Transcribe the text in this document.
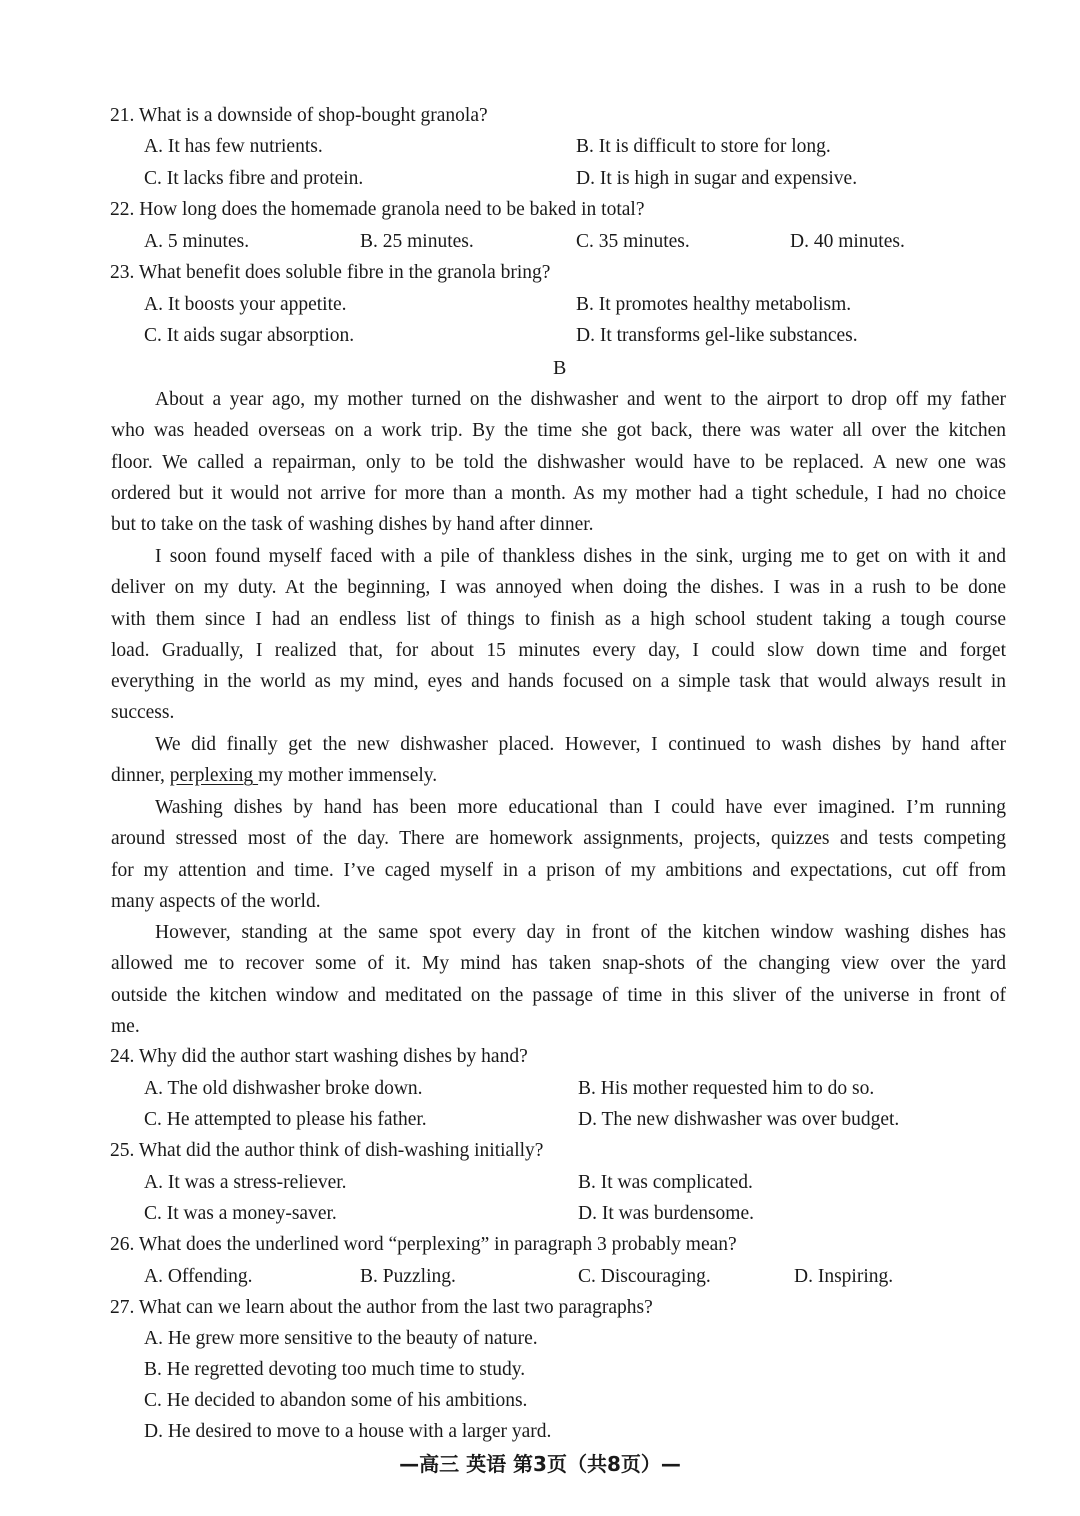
21. What is a downside of shop-bought granola?
A. It has few nutrients.	B. It is difficult to store for long.
C. It lacks fibre and protein.	D. It is high in sugar and expensive.
22. How long does the homemade granola need to be baked in total?
A. 5 minutes.	B. 25 minutes.	C. 35 minutes.	D. 40 minutes.
23. What benefit does soluble fibre in the granola bring?
A. It boosts your appetite.	B. It promotes healthy metabolism.
C. It aids sugar absorption.	D. It transforms gel-like substances.
B
About a year ago, my mother turned on the dishwasher and went to the airport to drop off my father
who was headed overseas on a work trip. By the time she got back, there was water all over the kitchen
floor. We called a repairman, only to be told the dishwasher would have to be replaced. A new one was
ordered but it would not arrive for more than a month. As my mother had a tight schedule, I had no choice
but to take on the task of washing dishes by hand after dinner.
I soon found myself faced with a pile of thankless dishes in the sink, urging me to get on with it and
deliver on my duty. At the beginning, I was annoyed when doing the dishes. I was in a rush to be done
with them since I had an endless list of things to finish as a high school student taking a tough course
load. Gradually, I realized that, for about 15 minutes every day, I could slow down time and forget
everything in the world as my mind, eyes and hands focused on a simple task that would always result in
success.
We did finally get the new dishwasher placed. However, I continued to wash dishes by hand after
dinner, perplexing my mother immensely.
Washing dishes by hand has been more educational than I could have ever imagined. I’m running
around stressed most of the day. There are homework assignments, projects, quizzes and tests competing
for my attention and time. I’ve caged myself in a prison of my ambitions and expectations, cut off from
many aspects of the world.
However, standing at the same spot every day in front of the kitchen window washing dishes has
allowed me to recover some of it. My mind has taken snap-shots of the changing view over the yard
outside the kitchen window and meditated on the passage of time in this sliver of the universe in front of
me.
24. Why did the author start washing dishes by hand?
A. The old dishwasher broke down.	B. His mother requested him to do so.
C. He attempted to please his father.	D. The new dishwasher was over budget.
25. What did the author think of dish-washing initially?
A. It was a stress-reliever.	B. It was complicated.
C. It was a money-saver.	D. It was burdensome.
26. What does the underlined word “perplexing” in paragraph 3 probably mean?
A. Offending.	B. Puzzling.	C. Discouraging.	D. Inspiring.
27. What can we learn about the author from the last two paragraphs?
A. He grew more sensitive to the beauty of nature.
B. He regretted devoting too much time to study.
C. He decided to abandon some of his ambitions.
D. He desired to move to a house with a larger yard.
—高三 英语 第3页（共8页）—
